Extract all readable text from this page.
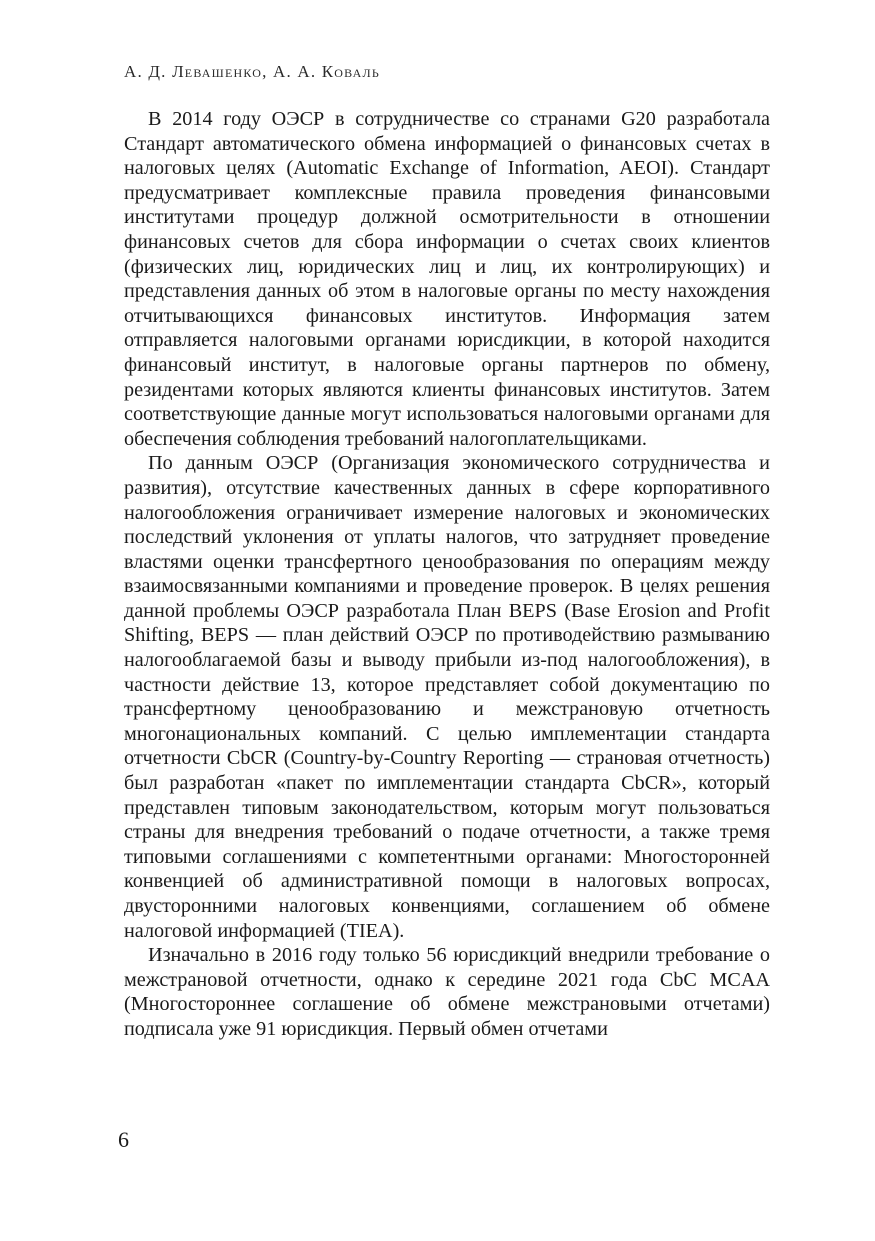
А. Д. Левашенко, А. А. Коваль

В 2014 году ОЭСР в сотрудничестве со странами G20 разработала Стандарт автоматического обмена информацией о финансовых счетах в налоговых целях (Automatic Exchange of Information, AEOI). Стандарт предусматривает комплексные правила проведения финансовыми институтами процедур должной осмотрительности в отношении финансовых счетов для сбора информации о счетах своих клиентов (физических лиц, юридических лиц и лиц, их контролирующих) и представления данных об этом в налоговые органы по месту нахождения отчитывающихся финансовых институтов. Информация затем отправляется налоговыми органами юрисдикции, в которой находится финансовый институт, в налоговые органы партнеров по обмену, резидентами которых являются клиенты финансовых институтов. Затем соответствующие данные могут использоваться налоговыми органами для обеспечения соблюдения требований налогоплательщиками.

По данным ОЭСР (Организация экономического сотрудничества и развития), отсутствие качественных данных в сфере корпоративного налогообложения ограничивает измерение налоговых и экономических последствий уклонения от уплаты налогов, что затрудняет проведение властями оценки трансфертного ценообразования по операциям между взаимосвязанными компаниями и проведение проверок. В целях решения данной проблемы ОЭСР разработала План BEPS (Base Erosion and Profit Shifting, BEPS — план действий ОЭСР по противодействию размыванию налогооблагаемой базы и выводу прибыли из-под налогообложения), в частности действие 13, которое представляет собой документацию по трансфертному ценообразованию и межстрановую отчетность многонациональных компаний. С целью имплементации стандарта отчетности CbCR (Country-by-Country Reporting — страновая отчетность) был разработан «пакет по имплементации стандарта CbCR», который представлен типовым законодательством, которым могут пользоваться страны для внедрения требований о подаче отчетности, а также тремя типовыми соглашениями с компетентными органами: Многосторонней конвенцией об административной помощи в налоговых вопросах, двусторонними налоговых конвенциями, соглашением об обмене налоговой информацией (TIEA).

Изначально в 2016 году только 56 юрисдикций внедрили требование о межстрановой отчетности, однако к середине 2021 года CbC MCAA (Многостороннее соглашение об обмене межстрановыми отчетами) подписала уже 91 юрисдикция. Первый обмен отчетами

6
